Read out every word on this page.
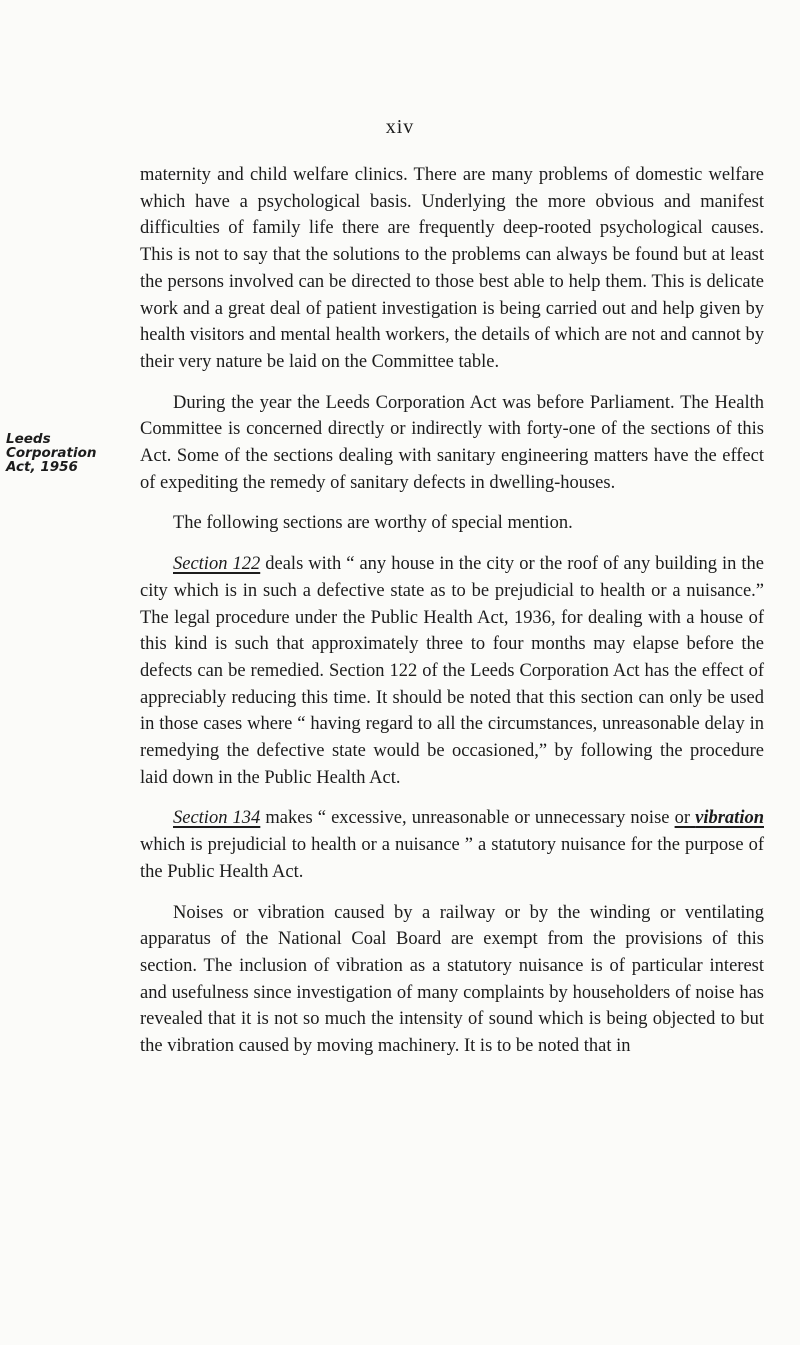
xiv
Leeds
Corporation
Act, 1956

maternity and child welfare clinics. There are many problems of domestic welfare which have a psychological basis. Underlying the more obvious and manifest difficulties of family life there are frequently deep-rooted psychological causes. This is not to say that the solutions to the problems can always be found but at least the persons involved can be directed to those best able to help them. This is delicate work and a great deal of patient investigation is being carried out and help given by health visitors and mental health workers, the details of which are not and cannot by their very nature be laid on the Committee table.

During the year the Leeds Corporation Act was before Parliament. The Health Committee is concerned directly or indirectly with forty-one of the sections of this Act. Some of the sections dealing with sanitary engineering matters have the effect of expediting the remedy of sanitary defects in dwelling-houses.

The following sections are worthy of special mention.

Section 122 deals with “ any house in the city or the roof of any building in the city which is in such a defective state as to be prejudicial to health or a nuisance.” The legal procedure under the Public Health Act, 1936, for dealing with a house of this kind is such that approximately three to four months may elapse before the defects can be remedied. Section 122 of the Leeds Corporation Act has the effect of appreciably reducing this time. It should be noted that this section can only be used in those cases where “ having regard to all the circumstances, unreasonable delay in remedying the defective state would be occasioned,” by following the procedure laid down in the Public Health Act.

Section 134 makes “ excessive, unreasonable or unnecessary noise or vibration which is prejudicial to health or a nuisance ” a statutory nuisance for the purpose of the Public Health Act.

Noises or vibration caused by a railway or by the winding or ventilating apparatus of the National Coal Board are exempt from the provisions of this section. The inclusion of vibration as a statutory nuisance is of particular interest and usefulness since investigation of many complaints by householders of noise has revealed that it is not so much the intensity of sound which is being objected to but the vibration caused by moving machinery. It is to be noted that in
